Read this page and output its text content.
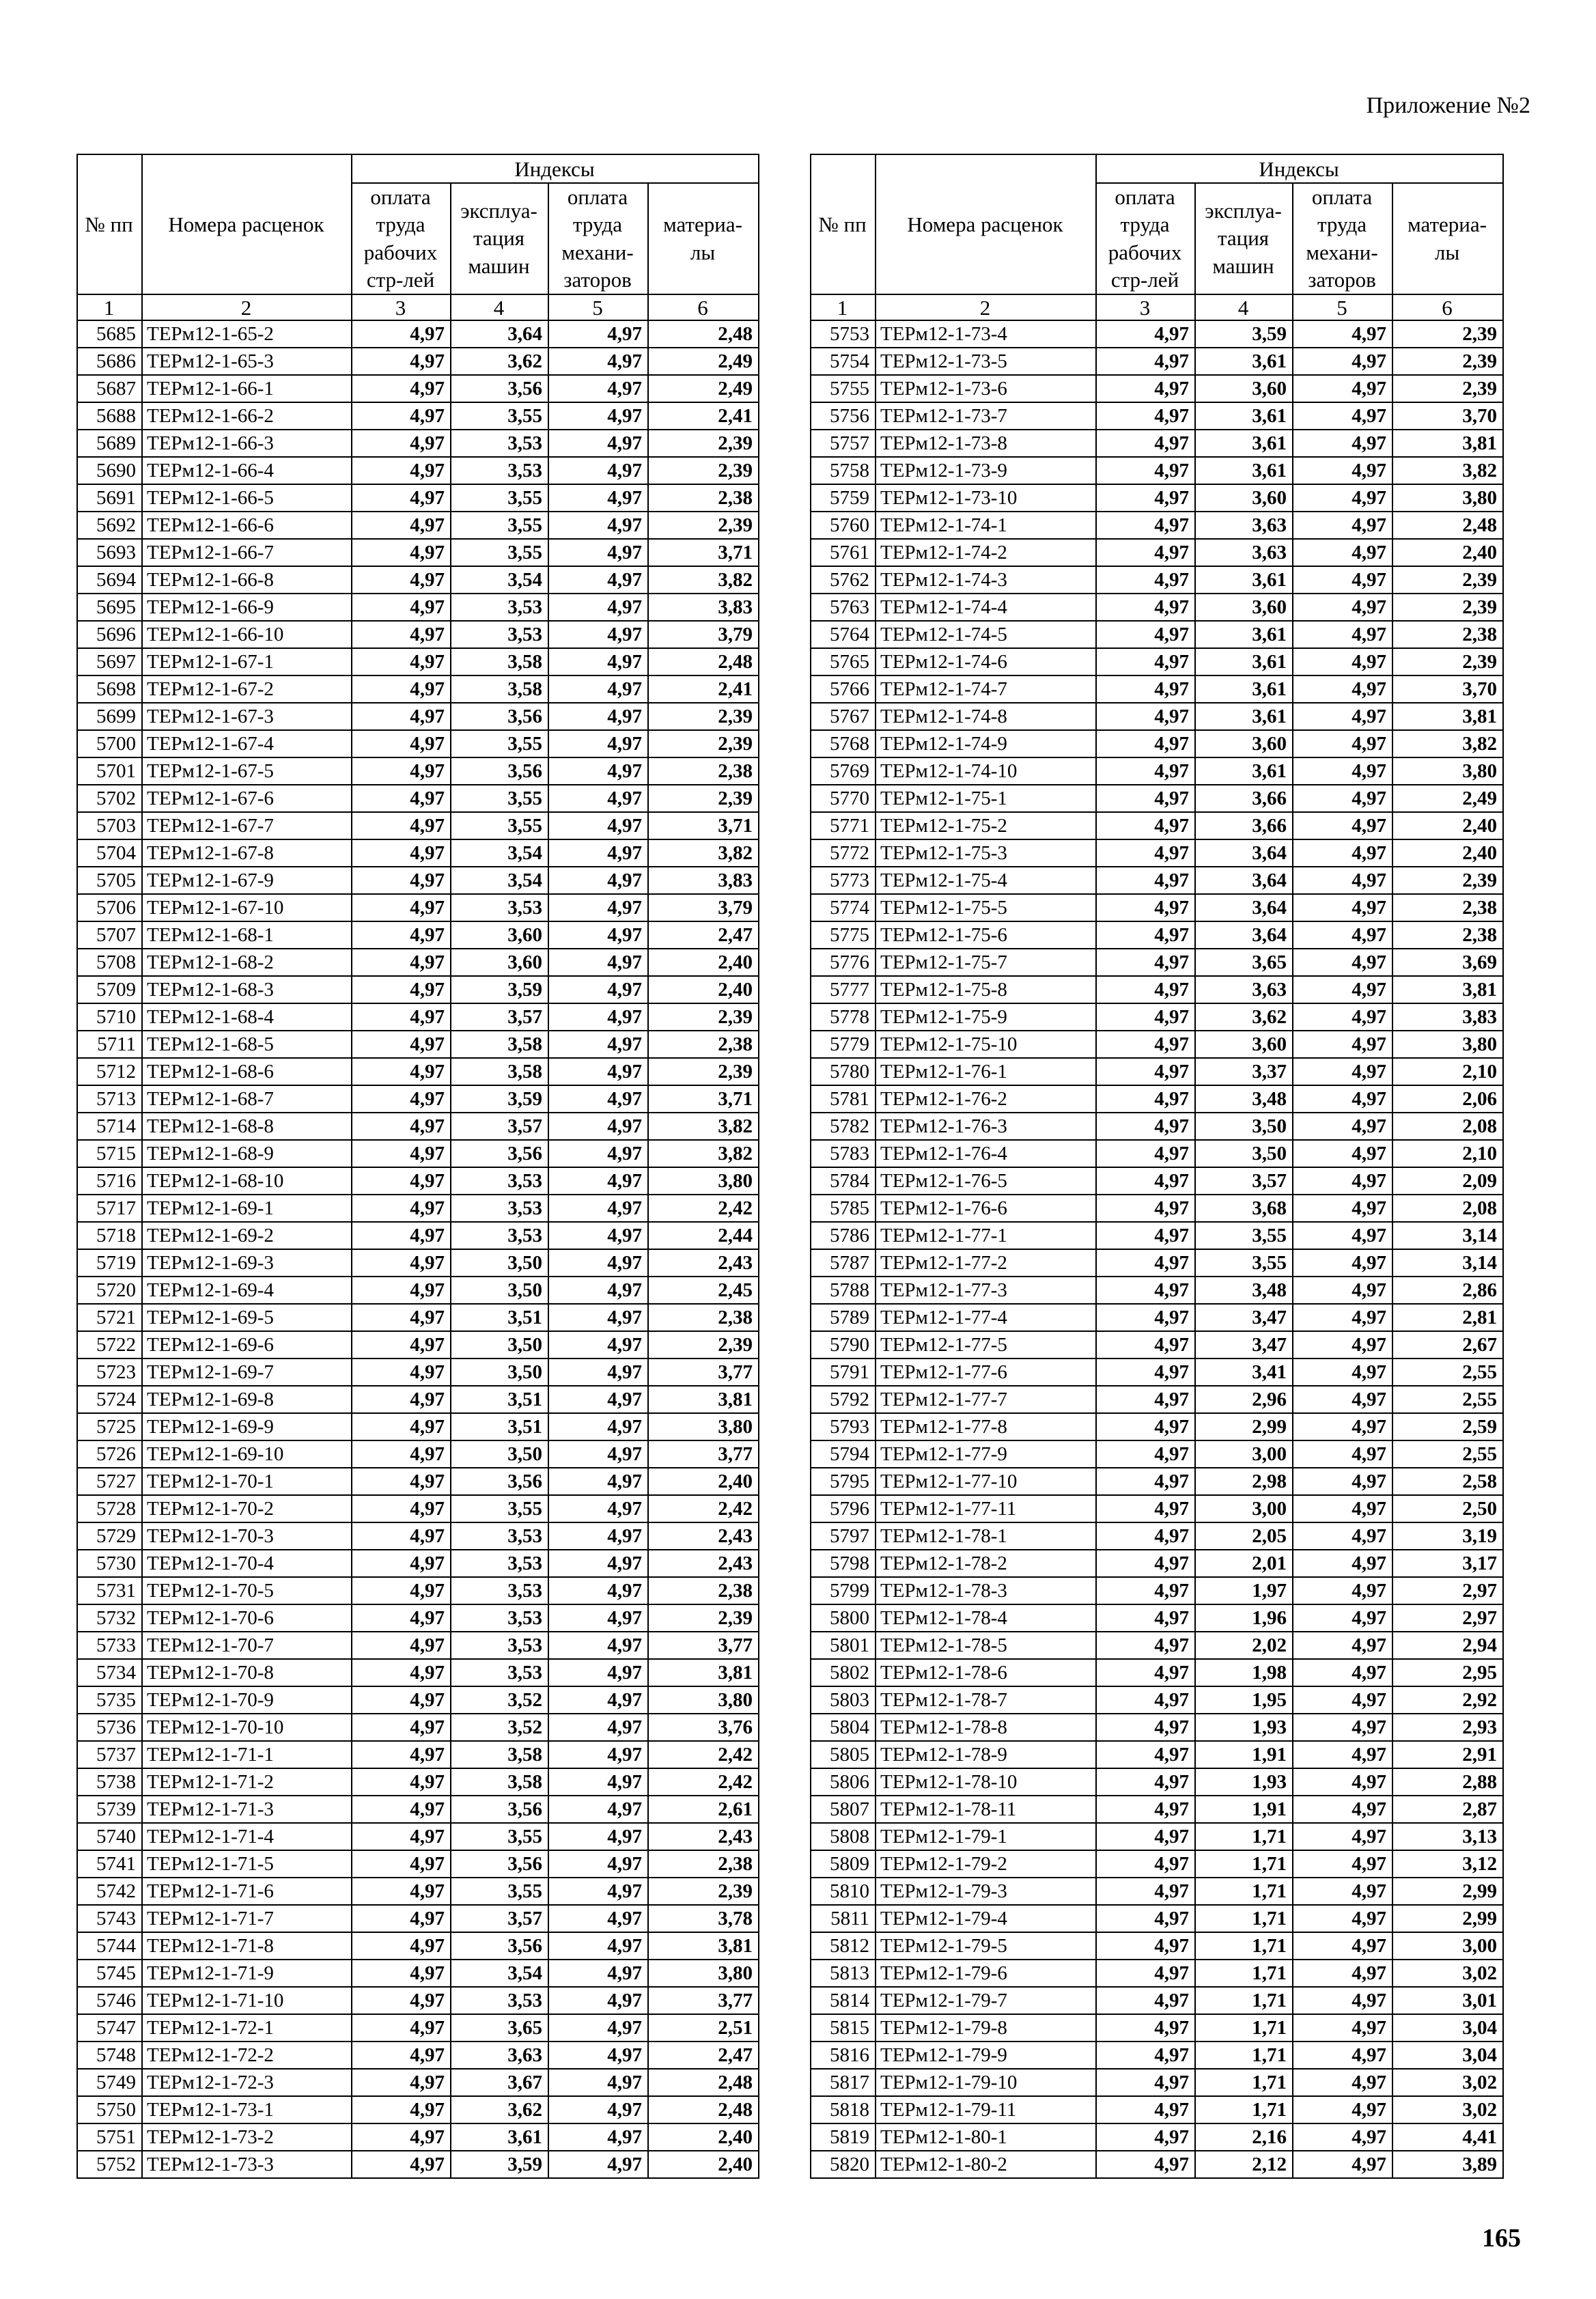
Приложение №2
№ пп	Номера расценок	Индексы			
		оплата труда рабочих стр-лей	эксплуа-тация машин	оплата труда механи-заторов	материа-лы
1	2	3	4	5	6
5685	ТЕРм12-1-65-2	4,97	3,64	4,97	2,48
5686	ТЕРм12-1-65-3	4,97	3,62	4,97	2,49
5687	ТЕРм12-1-66-1	4,97	3,56	4,97	2,49
5688	ТЕРм12-1-66-2	4,97	3,55	4,97	2,41
5689	ТЕРм12-1-66-3	4,97	3,53	4,97	2,39
5690	ТЕРм12-1-66-4	4,97	3,53	4,97	2,39
5691	ТЕРм12-1-66-5	4,97	3,55	4,97	2,38
5692	ТЕРм12-1-66-6	4,97	3,55	4,97	2,39
5693	ТЕРм12-1-66-7	4,97	3,55	4,97	3,71
5694	ТЕРм12-1-66-8	4,97	3,54	4,97	3,82
5695	ТЕРм12-1-66-9	4,97	3,53	4,97	3,83
5696	ТЕРм12-1-66-10	4,97	3,53	4,97	3,79
5697	ТЕРм12-1-67-1	4,97	3,58	4,97	2,48
5698	ТЕРм12-1-67-2	4,97	3,58	4,97	2,41
5699	ТЕРм12-1-67-3	4,97	3,56	4,97	2,39
5700	ТЕРм12-1-67-4	4,97	3,55	4,97	2,39
5701	ТЕРм12-1-67-5	4,97	3,56	4,97	2,38
5702	ТЕРм12-1-67-6	4,97	3,55	4,97	2,39
5703	ТЕРм12-1-67-7	4,97	3,55	4,97	3,71
5704	ТЕРм12-1-67-8	4,97	3,54	4,97	3,82
5705	ТЕРм12-1-67-9	4,97	3,54	4,97	3,83
5706	ТЕРм12-1-67-10	4,97	3,53	4,97	3,79
5707	ТЕРм12-1-68-1	4,97	3,60	4,97	2,47
5708	ТЕРм12-1-68-2	4,97	3,60	4,97	2,40
5709	ТЕРм12-1-68-3	4,97	3,59	4,97	2,40
5710	ТЕРм12-1-68-4	4,97	3,57	4,97	2,39
5711	ТЕРм12-1-68-5	4,97	3,58	4,97	2,38
5712	ТЕРм12-1-68-6	4,97	3,58	4,97	2,39
5713	ТЕРм12-1-68-7	4,97	3,59	4,97	3,71
5714	ТЕРм12-1-68-8	4,97	3,57	4,97	3,82
5715	ТЕРм12-1-68-9	4,97	3,56	4,97	3,82
5716	ТЕРм12-1-68-10	4,97	3,53	4,97	3,80
5717	ТЕРм12-1-69-1	4,97	3,53	4,97	2,42
5718	ТЕРм12-1-69-2	4,97	3,53	4,97	2,44
5719	ТЕРм12-1-69-3	4,97	3,50	4,97	2,43
5720	ТЕРм12-1-69-4	4,97	3,50	4,97	2,45
5721	ТЕРм12-1-69-5	4,97	3,51	4,97	2,38
5722	ТЕРм12-1-69-6	4,97	3,50	4,97	2,39
5723	ТЕРм12-1-69-7	4,97	3,50	4,97	3,77
5724	ТЕРм12-1-69-8	4,97	3,51	4,97	3,81
5725	ТЕРм12-1-69-9	4,97	3,51	4,97	3,80
5726	ТЕРм12-1-69-10	4,97	3,50	4,97	3,77
5727	ТЕРм12-1-70-1	4,97	3,56	4,97	2,40
5728	ТЕРм12-1-70-2	4,97	3,55	4,97	2,42
5729	ТЕРм12-1-70-3	4,97	3,53	4,97	2,43
5730	ТЕРм12-1-70-4	4,97	3,53	4,97	2,43
5731	ТЕРм12-1-70-5	4,97	3,53	4,97	2,38
5732	ТЕРм12-1-70-6	4,97	3,53	4,97	2,39
5733	ТЕРм12-1-70-7	4,97	3,53	4,97	3,77
5734	ТЕРм12-1-70-8	4,97	3,53	4,97	3,81
5735	ТЕРм12-1-70-9	4,97	3,52	4,97	3,80
5736	ТЕРм12-1-70-10	4,97	3,52	4,97	3,76
5737	ТЕРм12-1-71-1	4,97	3,58	4,97	2,42
5738	ТЕРм12-1-71-2	4,97	3,58	4,97	2,42
5739	ТЕРм12-1-71-3	4,97	3,56	4,97	2,61
5740	ТЕРм12-1-71-4	4,97	3,55	4,97	2,43
5741	ТЕРм12-1-71-5	4,97	3,56	4,97	2,38
5742	ТЕРм12-1-71-6	4,97	3,55	4,97	2,39
5743	ТЕРм12-1-71-7	4,97	3,57	4,97	3,78
5744	ТЕРм12-1-71-8	4,97	3,56	4,97	3,81
5745	ТЕРм12-1-71-9	4,97	3,54	4,97	3,80
5746	ТЕРм12-1-71-10	4,97	3,53	4,97	3,77
5747	ТЕРм12-1-72-1	4,97	3,65	4,97	2,51
5748	ТЕРм12-1-72-2	4,97	3,63	4,97	2,47
5749	ТЕРм12-1-72-3	4,97	3,67	4,97	2,48
5750	ТЕРм12-1-73-1	4,97	3,62	4,97	2,48
5751	ТЕРм12-1-73-2	4,97	3,61	4,97	2,40
5752	ТЕРм12-1-73-3	4,97	3,59	4,97	2,40
№ пп	Номера расценок	Индексы			
		оплата труда рабочих стр-лей	эксплуа-тация машин	оплата труда механи-заторов	материа-лы
1	2	3	4	5	6
5753	ТЕРм12-1-73-4	4,97	3,59	4,97	2,39
5754	ТЕРм12-1-73-5	4,97	3,61	4,97	2,39
5755	ТЕРм12-1-73-6	4,97	3,60	4,97	2,39
5756	ТЕРм12-1-73-7	4,97	3,61	4,97	3,70
5757	ТЕРм12-1-73-8	4,97	3,61	4,97	3,81
5758	ТЕРм12-1-73-9	4,97	3,61	4,97	3,82
5759	ТЕРм12-1-73-10	4,97	3,60	4,97	3,80
5760	ТЕРм12-1-74-1	4,97	3,63	4,97	2,48
5761	ТЕРм12-1-74-2	4,97	3,63	4,97	2,40
5762	ТЕРм12-1-74-3	4,97	3,61	4,97	2,39
5763	ТЕРм12-1-74-4	4,97	3,60	4,97	2,39
5764	ТЕРм12-1-74-5	4,97	3,61	4,97	2,38
5765	ТЕРм12-1-74-6	4,97	3,61	4,97	2,39
5766	ТЕРм12-1-74-7	4,97	3,61	4,97	3,70
5767	ТЕРм12-1-74-8	4,97	3,61	4,97	3,81
5768	ТЕРм12-1-74-9	4,97	3,60	4,97	3,82
5769	ТЕРм12-1-74-10	4,97	3,61	4,97	3,80
5770	ТЕРм12-1-75-1	4,97	3,66	4,97	2,49
5771	ТЕРм12-1-75-2	4,97	3,66	4,97	2,40
5772	ТЕРм12-1-75-3	4,97	3,64	4,97	2,40
5773	ТЕРм12-1-75-4	4,97	3,64	4,97	2,39
5774	ТЕРм12-1-75-5	4,97	3,64	4,97	2,38
5775	ТЕРм12-1-75-6	4,97	3,64	4,97	2,38
5776	ТЕРм12-1-75-7	4,97	3,65	4,97	3,69
5777	ТЕРм12-1-75-8	4,97	3,63	4,97	3,81
5778	ТЕРм12-1-75-9	4,97	3,62	4,97	3,83
5779	ТЕРм12-1-75-10	4,97	3,60	4,97	3,80
5780	ТЕРм12-1-76-1	4,97	3,37	4,97	2,10
5781	ТЕРм12-1-76-2	4,97	3,48	4,97	2,06
5782	ТЕРм12-1-76-3	4,97	3,50	4,97	2,08
5783	ТЕРм12-1-76-4	4,97	3,50	4,97	2,10
5784	ТЕРм12-1-76-5	4,97	3,57	4,97	2,09
5785	ТЕРм12-1-76-6	4,97	3,68	4,97	2,08
5786	ТЕРм12-1-77-1	4,97	3,55	4,97	3,14
5787	ТЕРм12-1-77-2	4,97	3,55	4,97	3,14
5788	ТЕРм12-1-77-3	4,97	3,48	4,97	2,86
5789	ТЕРм12-1-77-4	4,97	3,47	4,97	2,81
5790	ТЕРм12-1-77-5	4,97	3,47	4,97	2,67
5791	ТЕРм12-1-77-6	4,97	3,41	4,97	2,55
5792	ТЕРм12-1-77-7	4,97	2,96	4,97	2,55
5793	ТЕРм12-1-77-8	4,97	2,99	4,97	2,59
5794	ТЕРм12-1-77-9	4,97	3,00	4,97	2,55
5795	ТЕРм12-1-77-10	4,97	2,98	4,97	2,58
5796	ТЕРм12-1-77-11	4,97	3,00	4,97	2,50
5797	ТЕРм12-1-78-1	4,97	2,05	4,97	3,19
5798	ТЕРм12-1-78-2	4,97	2,01	4,97	3,17
5799	ТЕРм12-1-78-3	4,97	1,97	4,97	2,97
5800	ТЕРм12-1-78-4	4,97	1,96	4,97	2,97
5801	ТЕРм12-1-78-5	4,97	2,02	4,97	2,94
5802	ТЕРм12-1-78-6	4,97	1,98	4,97	2,95
5803	ТЕРм12-1-78-7	4,97	1,95	4,97	2,92
5804	ТЕРм12-1-78-8	4,97	1,93	4,97	2,93
5805	ТЕРм12-1-78-9	4,97	1,91	4,97	2,91
5806	ТЕРм12-1-78-10	4,97	1,93	4,97	2,88
5807	ТЕРм12-1-78-11	4,97	1,91	4,97	2,87
5808	ТЕРм12-1-79-1	4,97	1,71	4,97	3,13
5809	ТЕРм12-1-79-2	4,97	1,71	4,97	3,12
5810	ТЕРм12-1-79-3	4,97	1,71	4,97	2,99
5811	ТЕРм12-1-79-4	4,97	1,71	4,97	2,99
5812	ТЕРм12-1-79-5	4,97	1,71	4,97	3,00
5813	ТЕРм12-1-79-6	4,97	1,71	4,97	3,02
5814	ТЕРм12-1-79-7	4,97	1,71	4,97	3,01
5815	ТЕРм12-1-79-8	4,97	1,71	4,97	3,04
5816	ТЕРм12-1-79-9	4,97	1,71	4,97	3,04
5817	ТЕРм12-1-79-10	4,97	1,71	4,97	3,02
5818	ТЕРм12-1-79-11	4,97	1,71	4,97	3,02
5819	ТЕРм12-1-80-1	4,97	2,16	4,97	4,41
5820	ТЕРм12-1-80-2	4,97	2,12	4,97	3,89
165
